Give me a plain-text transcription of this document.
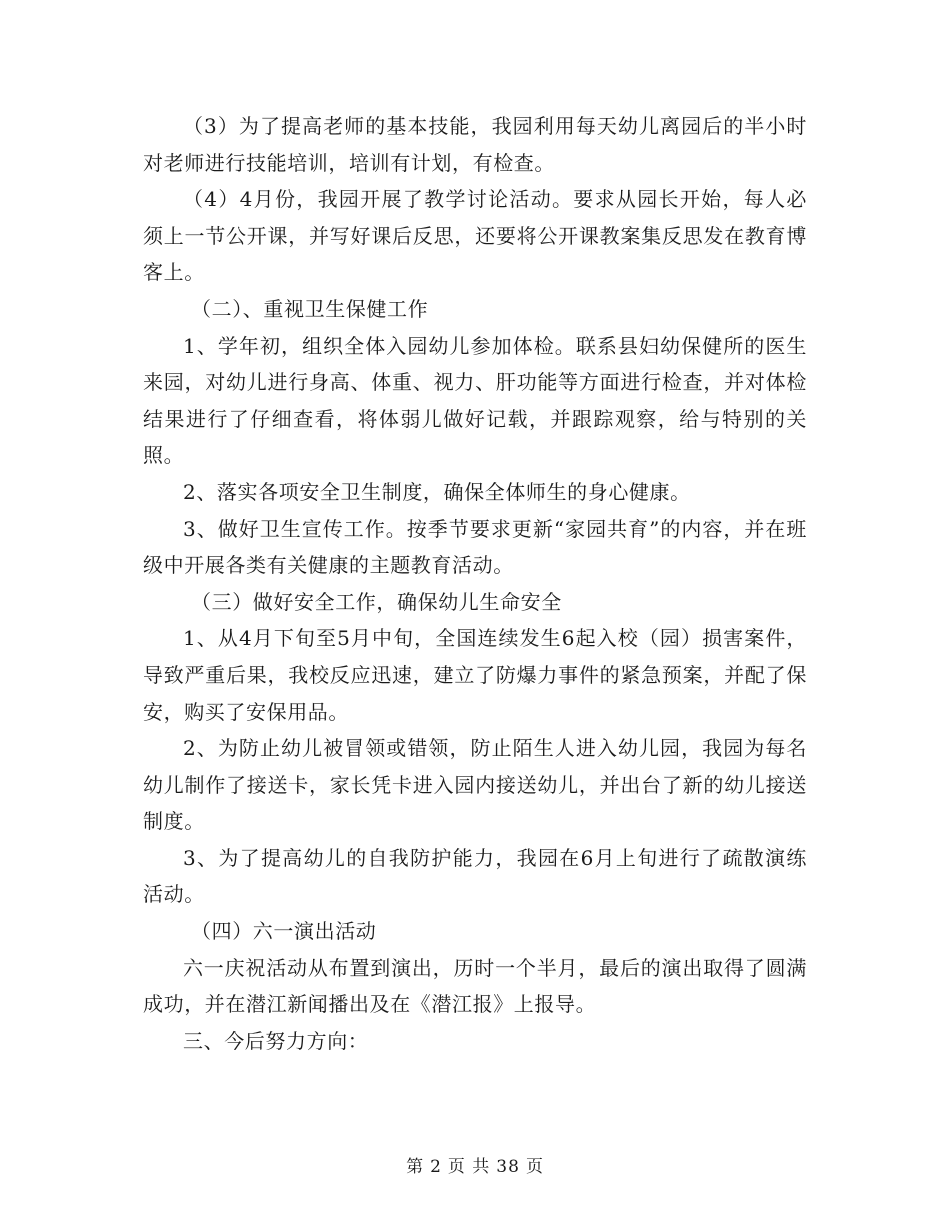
（3）为了提高老师的基本技能，我园利用每天幼儿离园后的半小时对老师进行技能培训，培训有计划，有检查。

（4）4月份，我园开展了教学讨论活动。要求从园长开始，每人必须上一节公开课，并写好课后反思，还要将公开课教案集反思发在教育博客上。

（二）、重视卫生保健工作

1、学年初，组织全体入园幼儿参加体检。联系县妇幼保健所的医生来园，对幼儿进行身高、体重、视力、肝功能等方面进行检查，并对体检结果进行了仔细查看，将体弱儿做好记载，并跟踪观察，给与特别的关照。

2、落实各项安全卫生制度，确保全体师生的身心健康。

3、做好卫生宣传工作。按季节要求更新“家园共育”的内容，并在班级中开展各类有关健康的主题教育活动。

（三）做好安全工作，确保幼儿生命安全

1、从4月下旬至5月中旬，全国连续发生6起入校（园）损害案件，导致严重后果，我校反应迅速，建立了防爆力事件的紧急预案，并配了保安，购买了安保用品。

2、为防止幼儿被冒领或错领，防止陌生人进入幼儿园，我园为每名幼儿制作了接送卡，家长凭卡进入园内接送幼儿，并出台了新的幼儿接送制度。

3、为了提高幼儿的自我防护能力，我园在6月上旬进行了疏散演练活动。

（四）六一演出活动

六一庆祝活动从布置到演出，历时一个半月，最后的演出取得了圆满成功，并在潜江新闻播出及在《潜江报》上报导。

三、今后努力方向：

第 2 页 共 38 页
